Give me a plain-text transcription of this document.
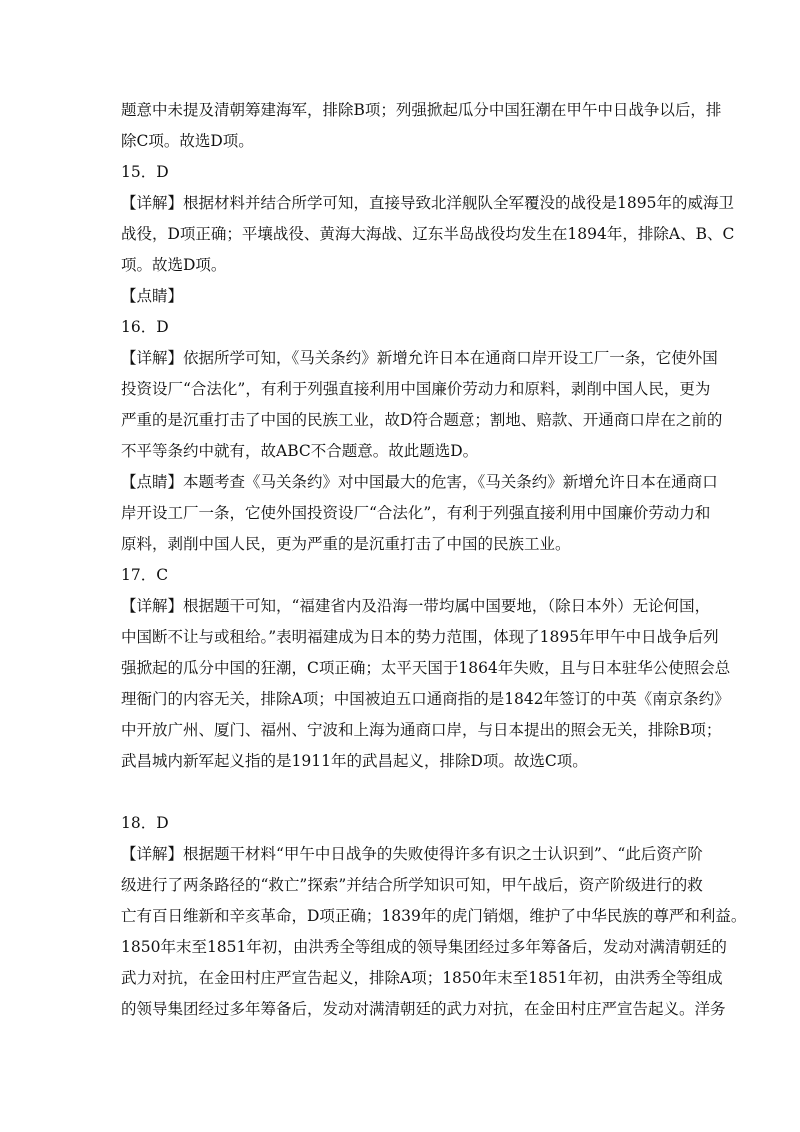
题意中未提及清朝筹建海军，排除B项；列强掀起瓜分中国狂潮在甲午中日战争以后，排
除C项。故选D项。
15．D
【详解】根据材料并结合所学可知，直接导致北洋舰队全军覆没的战役是1895年的威海卫
战役，D项正确；平壤战役、黄海大海战、辽东半岛战役均发生在1894年，排除A、B、C
项。故选D项。
【点睛】
16．D
【详解】依据所学可知，《马关条约》新增允许日本在通商口岸开设工厂一条，它使外国
投资设厂“合法化”，有利于列强直接利用中国廉价劳动力和原料，剥削中国人民，更为
严重的是沉重打击了中国的民族工业，故D符合题意；割地、赔款、开通商口岸在之前的
不平等条约中就有，故ABC不合题意。故此题选D。
【点睛】本题考查《马关条约》对中国最大的危害，《马关条约》新增允许日本在通商口
岸开设工厂一条，它使外国投资设厂“合法化”，有利于列强直接利用中国廉价劳动力和
原料，剥削中国人民，更为严重的是沉重打击了中国的民族工业。
17．C
【详解】根据题干可知，“福建省内及沿海一带均属中国要地，（除日本外）无论何国，
中国断不让与或租给。”表明福建成为日本的势力范围，体现了1895年甲午中日战争后列
强掀起的瓜分中国的狂潮，C项正确；太平天国于1864年失败，且与日本驻华公使照会总
理衙门的内容无关，排除A项；中国被迫五口通商指的是1842年签订的中英《南京条约》
中开放广州、厦门、福州、宁波和上海为通商口岸，与日本提出的照会无关，排除B项；
武昌城内新军起义指的是1911年的武昌起义，排除D项。故选C项。
18．D
【详解】根据题干材料“甲午中日战争的失败使得许多有识之士认识到”、“此后资产阶
级进行了两条路径的“救亡”探索”并结合所学知识可知，甲午战后，资产阶级进行的救
亡有百日维新和辛亥革命，D项正确；1839年的虎门销烟，维护了中华民族的尊严和利益。
1850年末至1851年初，由洪秀全等组成的领导集团经过多年筹备后，发动对满清朝廷的
武力对抗，在金田村庄严宣告起义，排除A项；1850年末至1851年初，由洪秀全等组成
的领导集团经过多年筹备后，发动对满清朝廷的武力对抗，在金田村庄严宣告起义。洋务
